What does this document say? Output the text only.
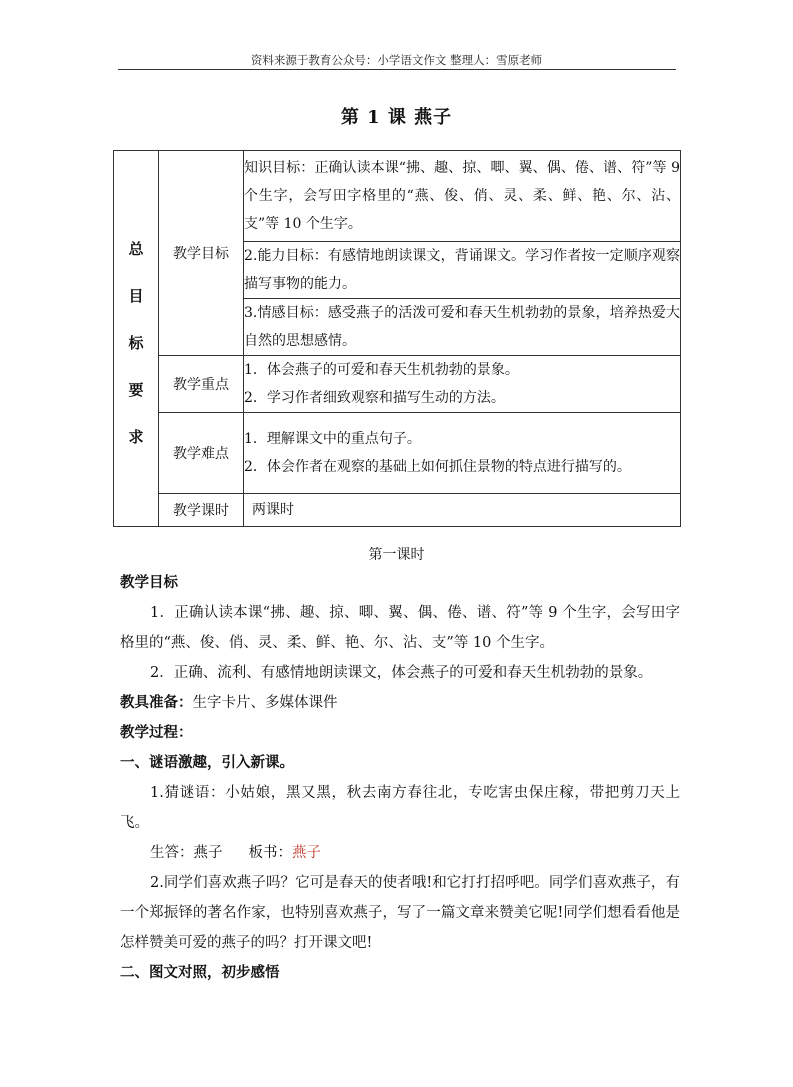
资料来源于教育公众号：小学语文作文 整理人：雪原老师
第 1 课 燕子
总
目
标
要
求	教学目标	知识目标：正确认读本课“拂、趣、掠、唧、翼、偶、倦、谱、符”等 9 个生字，会写田字格里的“燕、俊、俏、灵、柔、鲜、艳、尔、沾、支”等 10 个生字。
		2.能力目标：有感情地朗读课文，背诵课文。学习作者按一定顺序观察描写事物的能力。
		3.情感目标：感受燕子的活泼可爱和春天生机勃勃的景象，培养热爱大自然的思想感情。
	教学重点	1．体会燕子的可爱和春天生机勃勃的景象。
2．学习作者细致观察和描写生动的方法。

	教学难点	1．理解课文中的重点句子。
2．体会作者在观察的基础上如何抓住景物的特点进行描写的。

	教学课时	两课时
第一课时

教学目标

1．正确认读本课“拂、趣、掠、唧、翼、偶、倦、谱、符”等 9 个生字，会写田字格里的“燕、俊、俏、灵、柔、鲜、艳、尔、沾、支”等 10 个生字。

2．正确、流利、有感情地朗读课文，体会燕子的可爱和春天生机勃勃的景象。

教具准备：生字卡片、多媒体课件

教学过程：

一、谜语激趣，引入新课。

1.猜谜语：小姑娘，黑又黑，秋去南方春往北，专吃害虫保庄稼，带把剪刀天上飞。

生答：燕子 板书：燕子

2.同学们喜欢燕子吗？它可是春天的使者哦!和它打打招呼吧。同学们喜欢燕子，有一个郑振铎的著名作家，也特别喜欢燕子，写了一篇文章来赞美它呢!同学们想看看他是怎样赞美可爱的燕子的吗？打开课文吧!

二、图文对照，初步感悟
